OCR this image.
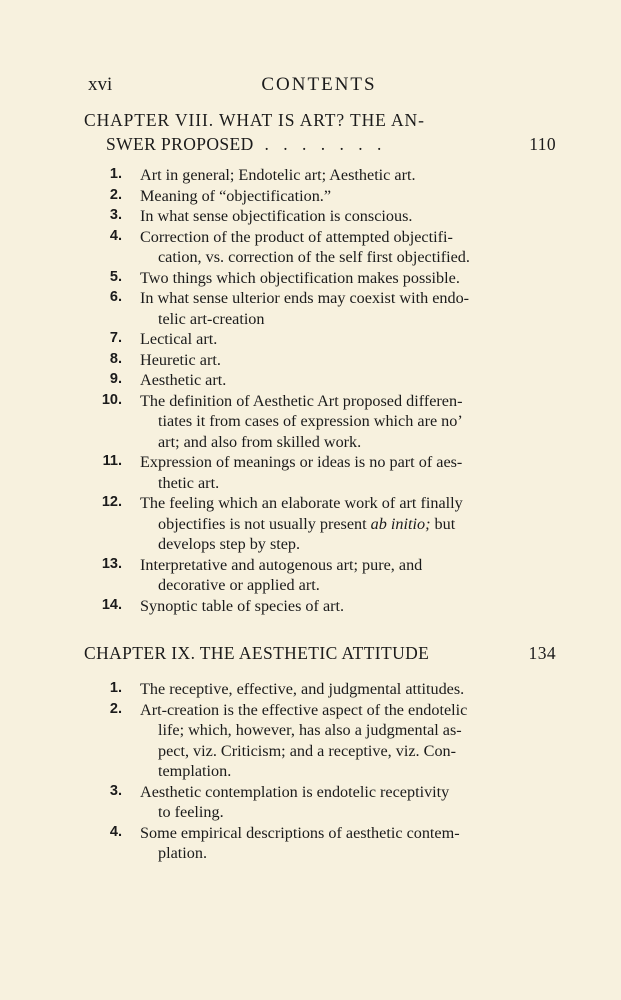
xvi	CONTENTS
CHAPTER VIII. WHAT IS ART? THE AN-
SWER PROPOSED . . . . . . .	110
1. Art in general; Endotelic art; Aesthetic art.
2. Meaning of “objectification.”
3. In what sense objectification is conscious.
4. Correction of the product of attempted objectifi-
cation, vs. correction of the self first objectified.
5. Two things which objectification makes possible.
6. In what sense ulterior ends may coexist with endo-
telic art-creation
7. Lectical art.
8. Heuretic art.
9. Aesthetic art.
10. The definition of Aesthetic Art proposed differen-
tiates it from cases of expression which are no’
art; and also from skilled work.
11. Expression of meanings or ideas is no part of aes-
thetic art.
12. The feeling which an elaborate work of art finally
objectifies is not usually present ab initio; but
develops step by step.
13. Interpretative and autogenous art; pure, and
decorative or applied art.
14. Synoptic table of species of art.
CHAPTER IX. THE AESTHETIC ATTITUDE	134
1. The receptive, effective, and judgmental attitudes.
2. Art-creation is the effective aspect of the endotelic
life; which, however, has also a judgmental as-
pect, viz. Criticism; and a receptive, viz. Con-
templation.
3. Aesthetic contemplation is endotelic receptivity
to feeling.
4. Some empirical descriptions of aesthetic contem-
plation.
